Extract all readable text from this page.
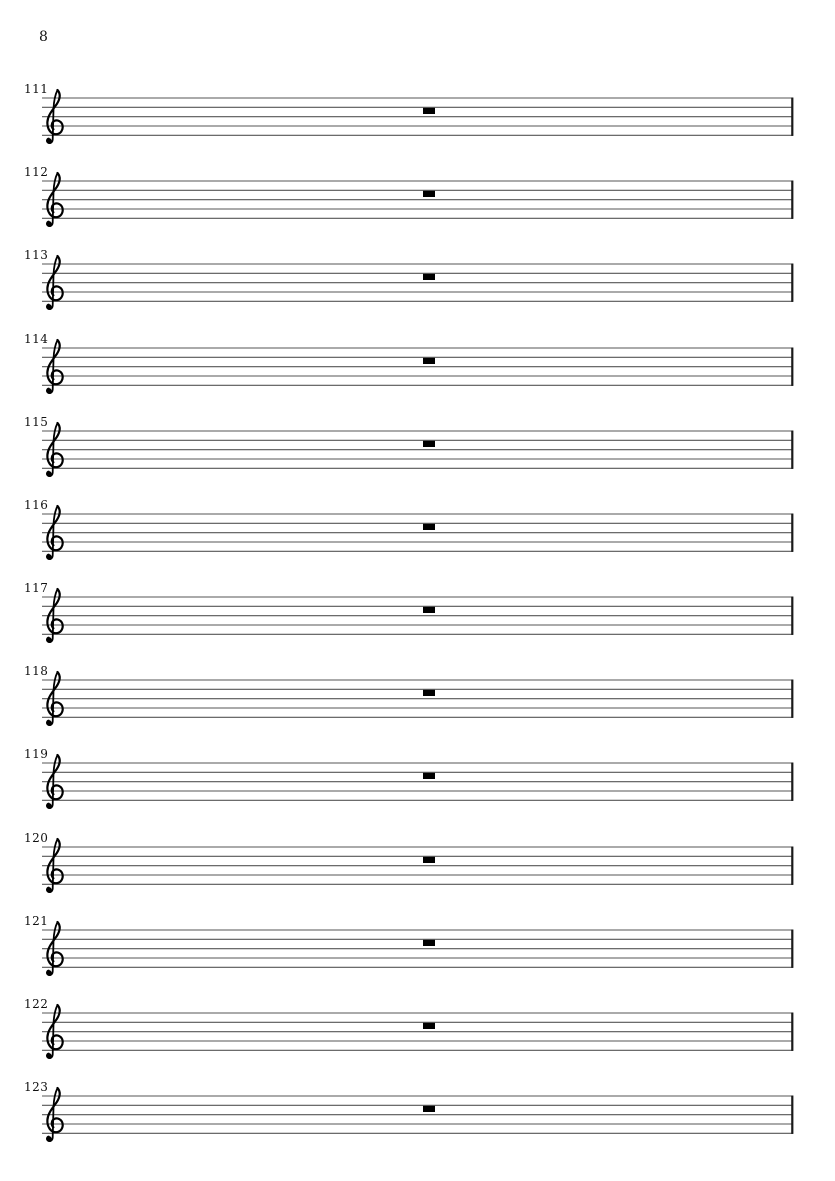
8
111
112
113
114
115
116
117
118
119
120
121
122
123
